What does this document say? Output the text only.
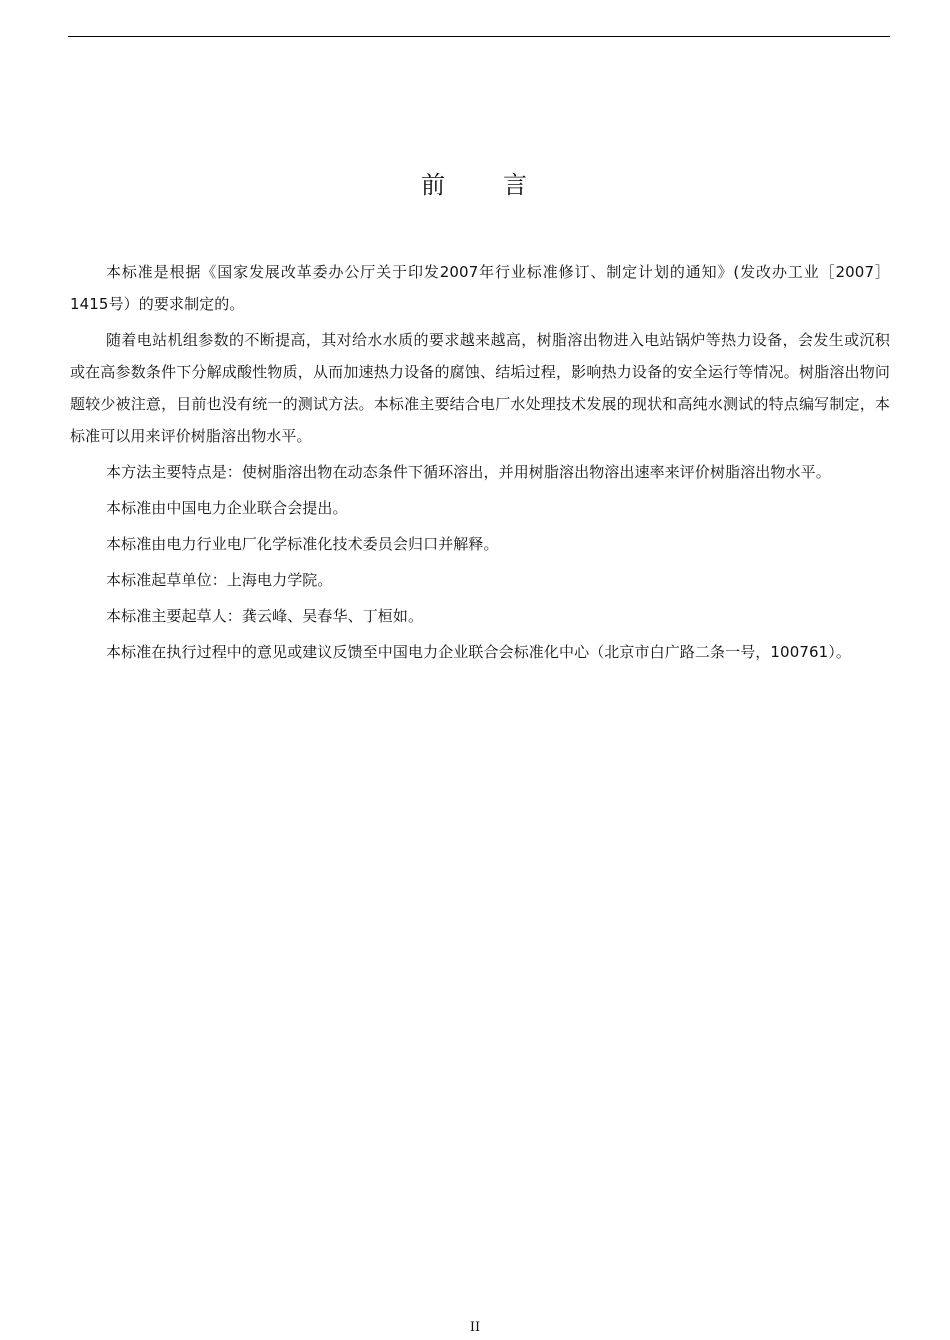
前 言

本标准是根据《国家发展改革委办公厅关于印发2007年行业标准修订、制定计划的通知》(发改办工业［2007］1415号）的要求制定的。

随着电站机组参数的不断提高，其对给水水质的要求越来越高，树脂溶出物进入电站锅炉等热力设备，会发生或沉积或在高参数条件下分解成酸性物质，从而加速热力设备的腐蚀、结垢过程，影响热力设备的安全运行等情况。树脂溶出物问题较少被注意，目前也没有统一的测试方法。本标准主要结合电厂水处理技术发展的现状和高纯水测试的特点编写制定，本标准可以用来评价树脂溶出物水平。

本方法主要特点是：使树脂溶出物在动态条件下循环溶出，并用树脂溶出物溶出速率来评价树脂溶出物水平。

本标准由中国电力企业联合会提出。

本标准由电力行业电厂化学标准化技术委员会归口并解释。

本标准起草单位：上海电力学院。

本标准主要起草人：龚云峰、吴春华、丁桓如。

本标准在执行过程中的意见或建议反馈至中国电力企业联合会标准化中心（北京市白广路二条一号，100761）。

II
